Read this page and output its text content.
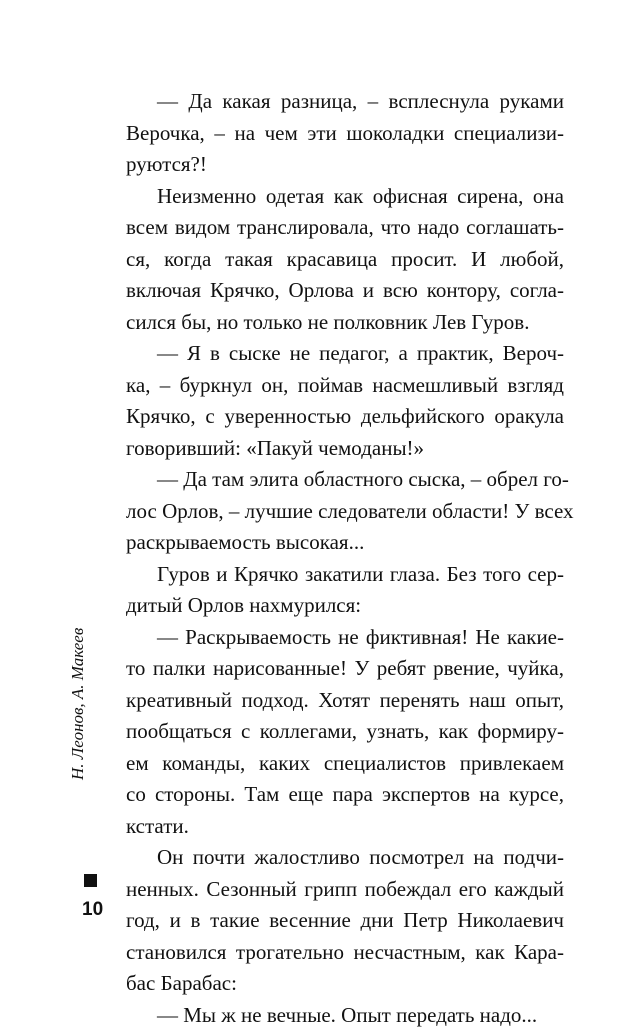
— Да какая разница, – всплеснула руками
Верочка, – на чем эти шоколадки специализи-
руются?!
Неизменно одетая как офисная сирена, она
всем видом транслировала, что надо соглашать-
ся, когда такая красавица просит. И любой,
включая Крячко, Орлова и всю контору, согла-
сился бы, но только не полковник Лев Гуров.
— Я в сыске не педагог, а практик, Вероч-
ка, – буркнул он, поймав насмешливый взгляд
Крячко, с уверенностью дельфийского оракула
говоривший: «Пакуй чемоданы!»
— Да там элита областного сыска, – обрел го-
лос Орлов, – лучшие следователи области! У всех
раскрываемость высокая...
Гуров и Крячко закатили глаза. Без того сер-
дитый Орлов нахмурился:
— Раскрываемость не фиктивная! Не какие-
то палки нарисованные! У ребят рвение, чуйка,
креативный подход. Хотят перенять наш опыт,
пообщаться с коллегами, узнать, как формиру-
ем команды, каких специалистов привлекаем
со стороны. Там еще пара экспертов на курсе,
кстати.
Он почти жалостливо посмотрел на подчи-
ненных. Сезонный грипп побеждал его каждый
год, и в такие весенние дни Петр Николаевич
становился трогательно несчастным, как Кара-
бас Барабас:
— Мы ж не вечные. Опыт передать надо...
Н. Леонов, А. Макеев
10
